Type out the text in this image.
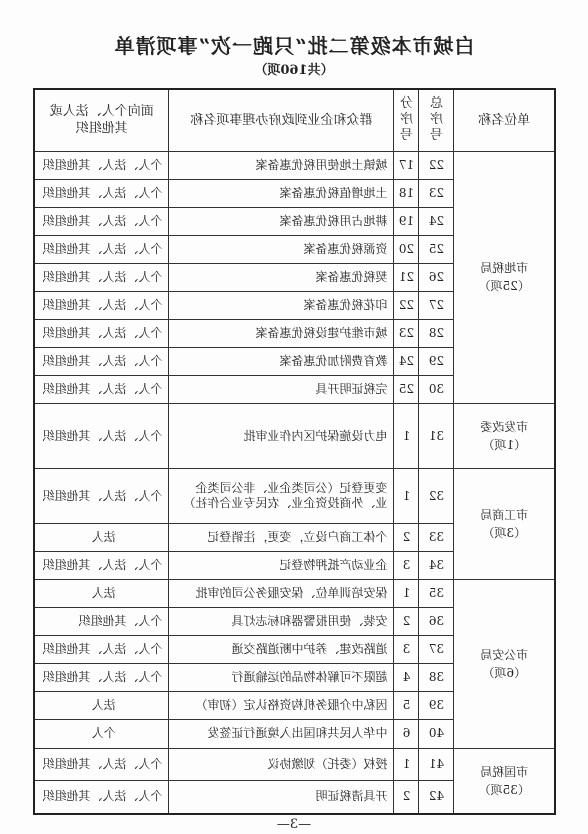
白城市本级第二批“只跑一次”事项清单
（共160项）
单位名称	总序号	分序号	群众和企业到政府办理事项名称	面向个人、法人或其他组织

市地税局
（25项）	22	17	城镇土地使用税优惠备案	个人、法人、其他组织
	23	18	土地增值税优惠备案	个人、法人、其他组织
	24	19	耕地占用税优惠备案	个人、法人、其他组织
	25	20	资源税优惠备案	个人、法人、其他组织
	26	21	契税优惠备案	个人、法人、其他组织
	27	22	印花税优惠备案	个人、法人、其他组织
	28	23	城市维护建设税优惠备案	个人、法人、其他组织
	29	24	教育费附加优惠备案	个人、法人、其他组织
	30	25	完税证明开具	个人、法人、其他组织

市发改委
（1项）	31	1	电力设施保护区内作业审批	个人、法人、其他组织

市工商局
（3项）	32	1	变更登记（公司类企业、非公司类企业、外商投资企业、农民专业合作社）	个人、法人、其他组织
	33	2	个体工商户设立，变更，注销登记	法人
	34	3	企业动产抵押物登记	个人、法人、其他组织

市公安局
（6项）	35	1	保安培训单位、保安服务公司的审批	法人
	36	2	安装、使用报警器和标志灯具	个人、其他组织
	37	3	道路改建、养护中断道路交通	个人、法人、其他组织
	38	4	超限不可解体物品的运输通行	个人、法人、其他组织
	39	5	因私中介服务机构资格认定（初审）	法人
	40	6	中华人民共和国出入境通行证签发	个人

市国税局
（35项）	41	1	授权（委托）划缴协议	个人、法人、其他组织
	42	2	开具清税证明	个人、法人、其他组织
—3—
